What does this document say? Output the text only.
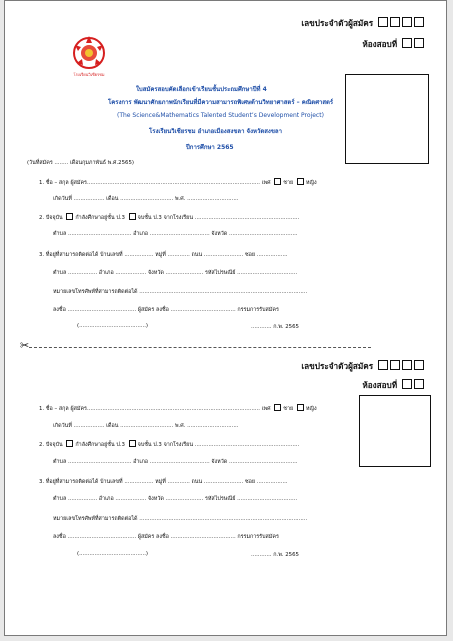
เลขประจำตัวผู้สมัคร
ห้องสอบที่
โรงเรียนวิเชียรชม
ใบสมัครสอบคัดเลือกเข้าเรียนชั้นประถมศึกษาปีที่ 4
โครงการ พัฒนาศักยภาพนักเรียนที่มีความสามารถพิเศษด้านวิทยาศาสตร์ – คณิตศาสตร์
(The Science&Mathematics Talented Student’s Development Project)
โรงเรียนวิเชียรชม อำเภอเมืองสงขลา จังหวัดสงขลา
ปีการศึกษา 2565
(วันที่สมัคร ........ เดือนกุมภาพันธ์ พ.ศ.2565)
1. ชื่อ – สกุล ผู้สมัคร..................................................................................................... เพศ ชาย หญิง
เกิดวันที่ .................. เดือน ............................... พ.ศ. ..............................
2. ปัจจุบัน กำลังศึกษาอยู่ชั้น ป.3 จบชั้น ป.3 จากโรงเรียน .............................................................
ตำบล ..................................... อำเภอ ................................... จังหวัด ........................................
3. ที่อยู่ที่สามารถติดต่อได้ บ้านเลขที่ ................. หมู่ที่ ............. ถนน ....................... ซอย ..................
ตำบล ................. อำเภอ .................. จังหวัด ...................... รหัสไปรษณีย์ ...................................
หมายเลขโทรศัพท์ที่สามารถติดต่อได้ ..................................................................................................
ลงชื่อ ........................................ ผู้สมัคร ลงชื่อ ...................................... กรรมการรับสมัคร
(.......................................)	............ ก.พ. 2565
✂
เลขประจำตัวผู้สมัคร
ห้องสอบที่
1. ชื่อ – สกุล ผู้สมัคร..................................................................................................... เพศ ชาย หญิง
เกิดวันที่ .................. เดือน ............................... พ.ศ. ..............................
2. ปัจจุบัน กำลังศึกษาอยู่ชั้น ป.3 จบชั้น ป.3 จากโรงเรียน .............................................................
ตำบล ..................................... อำเภอ ................................... จังหวัด ........................................
3. ที่อยู่ที่สามารถติดต่อได้ บ้านเลขที่ ................. หมู่ที่ ............. ถนน ....................... ซอย ..................
ตำบล ................. อำเภอ .................. จังหวัด ...................... รหัสไปรษณีย์ ...................................
หมายเลขโทรศัพท์ที่สามารถติดต่อได้ ..................................................................................................
ลงชื่อ ........................................ ผู้สมัคร ลงชื่อ ...................................... กรรมการรับสมัคร
(.......................................)	............ ก.พ. 2565
